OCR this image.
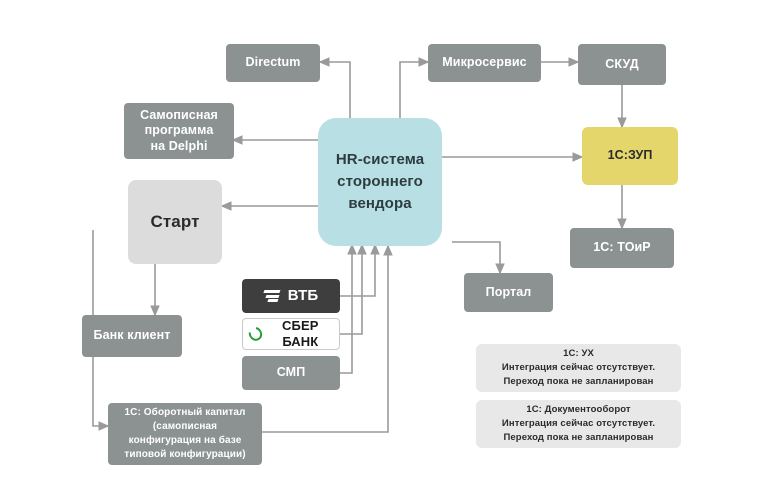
Directum	Микросервис	СКУД
Самописная
программа
на Delphi
HR-система
стороннего
вендора
1С:ЗУП
Старт
1С: ТОиР
Портал
ВТБ
СБЕР БАНК
СМП
Банк клиент
1С: Оборотный капитал
(самописная
конфигурация на базе
типовой конфигурации)
1С: УХ
Интеграция сейчас отсутствует.
Переход пока не запланирован
1С: Документооборот
Интеграция сейчас отсутствует.
Переход пока не запланирован
